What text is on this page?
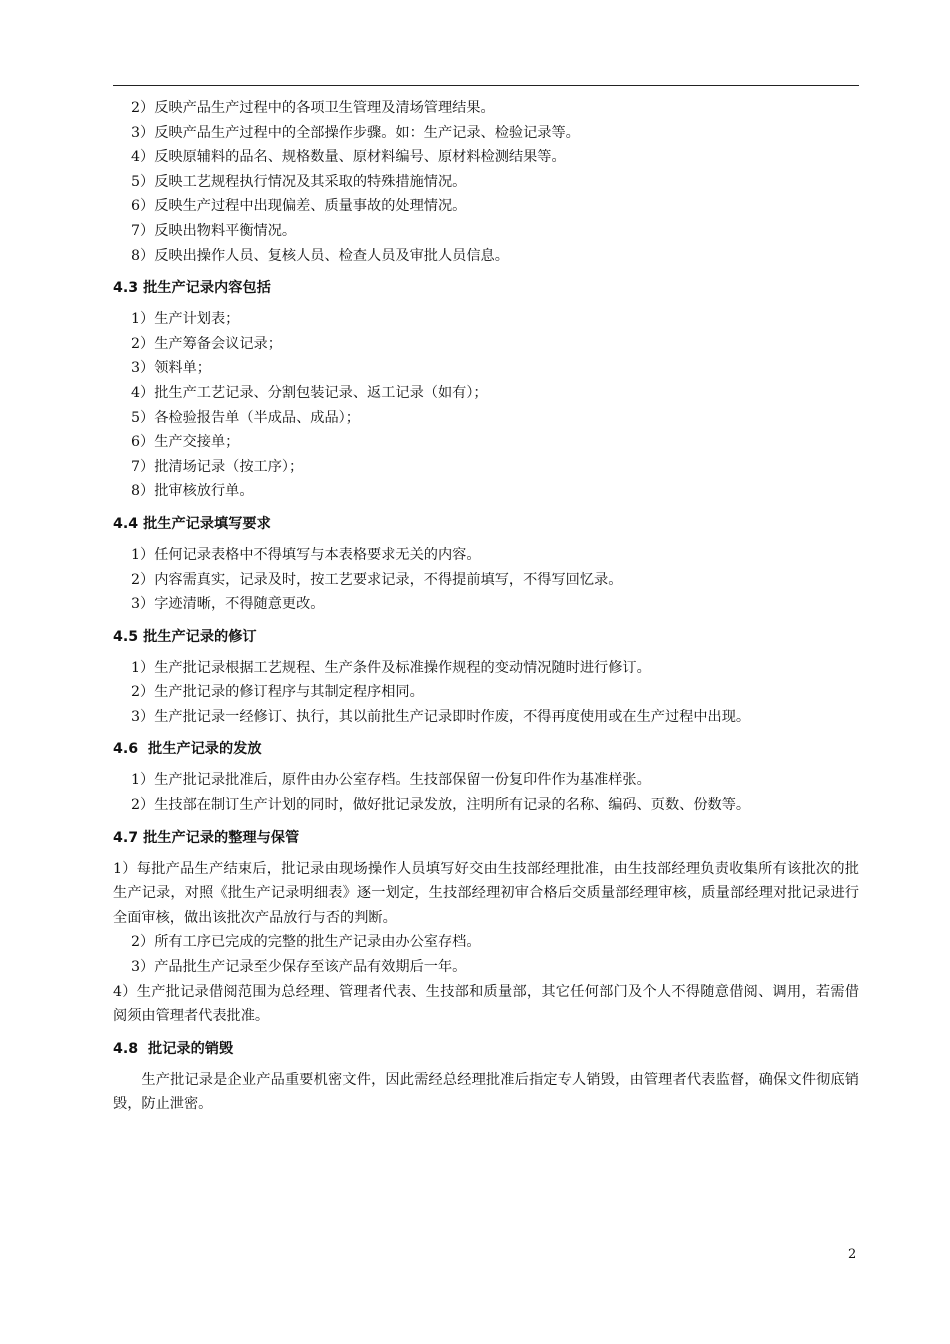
2）反映产品生产过程中的各项卫生管理及清场管理结果。
3）反映产品生产过程中的全部操作步骤。如：生产记录、检验记录等。
4）反映原辅料的品名、规格数量、原材料编号、原材料检测结果等。
5）反映工艺规程执行情况及其采取的特殊措施情况。
6）反映生产过程中出现偏差、质量事故的处理情况。
7）反映出物料平衡情况。
8）反映出操作人员、复核人员、检查人员及审批人员信息。
4.3 批生产记录内容包括
1）生产计划表；
2）生产筹备会议记录；
3）领料单；
4）批生产工艺记录、分割包装记录、返工记录（如有）；
5）各检验报告单（半成品、成品）；
6）生产交接单；
7）批清场记录（按工序）；
8）批审核放行单。
4.4 批生产记录填写要求
1）任何记录表格中不得填写与本表格要求无关的内容。
2）内容需真实，记录及时，按工艺要求记录，不得提前填写，不得写回忆录。
3）字迹清晰，不得随意更改。
4.5 批生产记录的修订
1）生产批记录根据工艺规程、生产条件及标准操作规程的变动情况随时进行修订。
2）生产批记录的修订程序与其制定程序相同。
3）生产批记录一经修订、执行，其以前批生产记录即时作废，不得再度使用或在生产过程中出现。
4.6  批生产记录的发放
1）生产批记录批准后，原件由办公室存档。生技部保留一份复印件作为基准样张。
2）生技部在制订生产计划的同时，做好批记录发放，注明所有记录的名称、编码、页数、份数等。
4.7 批生产记录的整理与保管
1）每批产品生产结束后，批记录由现场操作人员填写好交由生技部经理批准，由生技部经理负责收集所有该批次的批生产记录，对照《批生产记录明细表》逐一划定，生技部经理初审合格后交质量部经理审核，质量部经理对批记录进行全面审核，做出该批次产品放行与否的判断。
2）所有工序已完成的完整的批生产记录由办公室存档。
3）产品批生产记录至少保存至该产品有效期后一年。
4）生产批记录借阅范围为总经理、管理者代表、生技部和质量部，其它任何部门及个人不得随意借阅、调用，若需借阅须由管理者代表批准。
4.8  批记录的销毁
生产批记录是企业产品重要机密文件，因此需经总经理批准后指定专人销毁，由管理者代表监督，确保文件彻底销毁，防止泄密。
2
